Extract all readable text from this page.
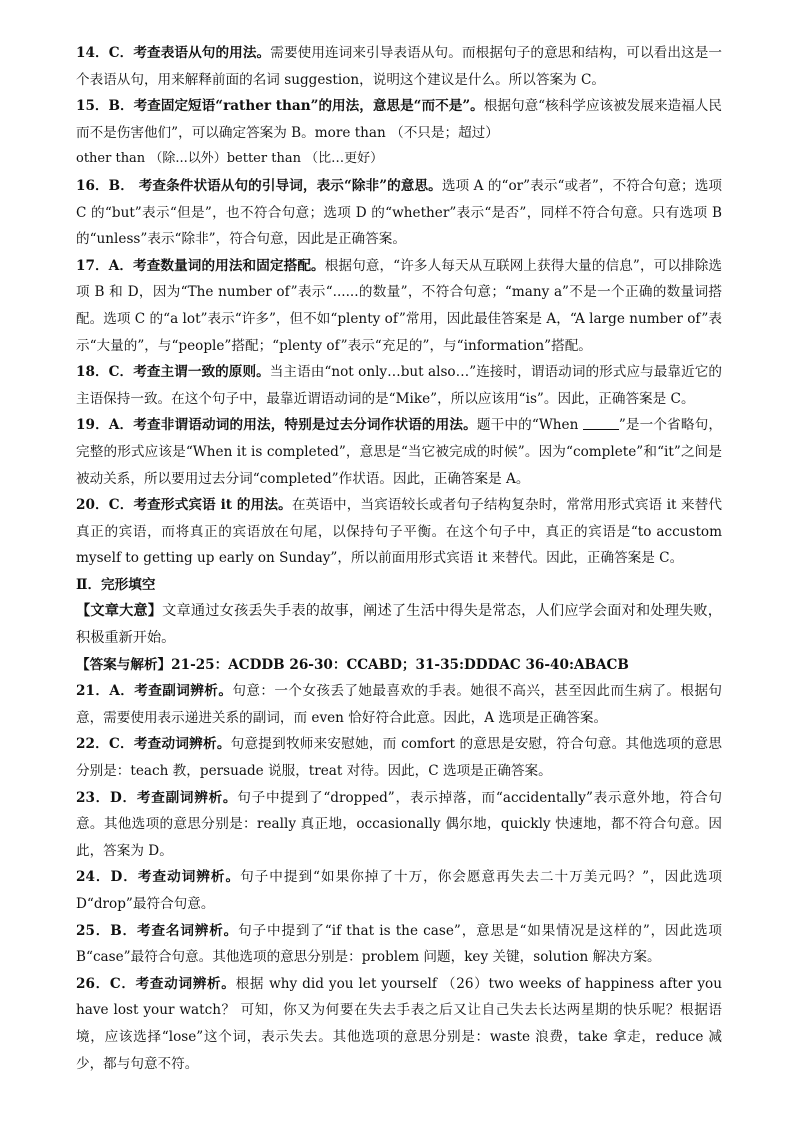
14．C．考查表语从句的用法。需要使用连词来引导表语从句。而根据句子的意思和结构，可以看出这是一个表语从句，用来解释前面的名词 suggestion，说明这个建议是什么。所以答案为 C。

15．B．考查固定短语“rather than”的用法，意思是“而不是”。根据句意“核科学应该被发展来造福人民而不是伤害他们”，可以确定答案为 B。more than （不只是；超过）

other than （除...以外）better than （比…更好）

16．B． 考查条件状语从句的引导词，表示“除非”的意思。选项 A 的“or”表示“或者”，不符合句意；选项 C 的“but”表示“但是”，也不符合句意；选项 D 的“whether”表示“是否”，同样不符合句意。只有选项 B 的“unless”表示“除非”，符合句意，因此是正确答案。

17．A．考查数量词的用法和固定搭配。根据句意，“许多人每天从互联网上获得大量的信息”，可以排除选项 B 和 D，因为“The number of”表示“......的数量”，不符合句意；“many a”不是一个正确的数量词搭配。选项 C 的“a lot”表示“许多”，但不如“plenty of”常用，因此最佳答案是 A，“A large number of”表示“大量的”，与“people”搭配；“plenty of”表示“充足的”，与“information”搭配。

18．C．考查主谓一致的原则。当主语由“not only…but also…”连接时，谓语动词的形式应与最靠近它的主语保持一致。在这个句子中，最靠近谓语动词的是“Mike”，所以应该用“is”。因此，正确答案是 C。

19．A．考查非谓语动词的用法，特别是过去分词作状语的用法。题干中的“When	”是一个省略句，完整的形式应该是“When it is completed”，意思是“当它被完成的时候”。因为“complete”和“it”之间是被动关系，所以要用过去分词“completed”作状语。因此，正确答案是 A。

20．C．考查形式宾语 it 的用法。在英语中，当宾语较长或者句子结构复杂时，常常用形式宾语 it 来替代真正的宾语，而将真正的宾语放在句尾，以保持句子平衡。在这个句子中，真正的宾语是“to accustom myself to getting up early on Sunday”，所以前面用形式宾语 it 来替代。因此，正确答案是 C。

Ⅱ．完形填空

【文章大意】文章通过女孩丢失手表的故事，阐述了生活中得失是常态，人们应学会面对和处理失败，积极重新开始。

【答案与解析】21-25：ACDDB 26-30：CCABD；31-35:DDDAC 36-40:ABACB

21．A．考查副词辨析。句意：一个女孩丢了她最喜欢的手表。她很不高兴，甚至因此而生病了。根据句意，需要使用表示递进关系的副词，而 even 恰好符合此意。因此，A 选项是正确答案。

22．C．考查动词辨析。句意提到牧师来安慰她，而 comfort 的意思是安慰，符合句意。其他选项的意思分别是：teach 教，persuade 说服，treat 对待。因此，C 选项是正确答案。

23．D．考查副词辨析。句子中提到了“dropped”，表示掉落，而“accidentally”表示意外地，符合句意。其他选项的意思分别是：really 真正地，occasionally 偶尔地，quickly 快速地，都不符合句意。因此，答案为 D。

24．D．考查动词辨析。句子中提到“如果你掉了十万，你会愿意再失去二十万美元吗？”，因此选项 D“drop”最符合句意。

25．B．考查名词辨析。句子中提到了“if that is the case”，意思是“如果情况是这样的”，因此选项 B“case”最符合句意。其他选项的意思分别是：problem 问题，key 关键，solution 解决方案。

26．C．考查动词辨析。根据 why did you let yourself （26）two weeks of happiness after you have lost your watch？ 可知，你又为何要在失去手表之后又让自己失去长达两星期的快乐呢？根据语境，应该选择“lose”这个词，表示失去。其他选项的意思分别是：waste 浪费，take 拿走，reduce 减少，都与句意不符。
